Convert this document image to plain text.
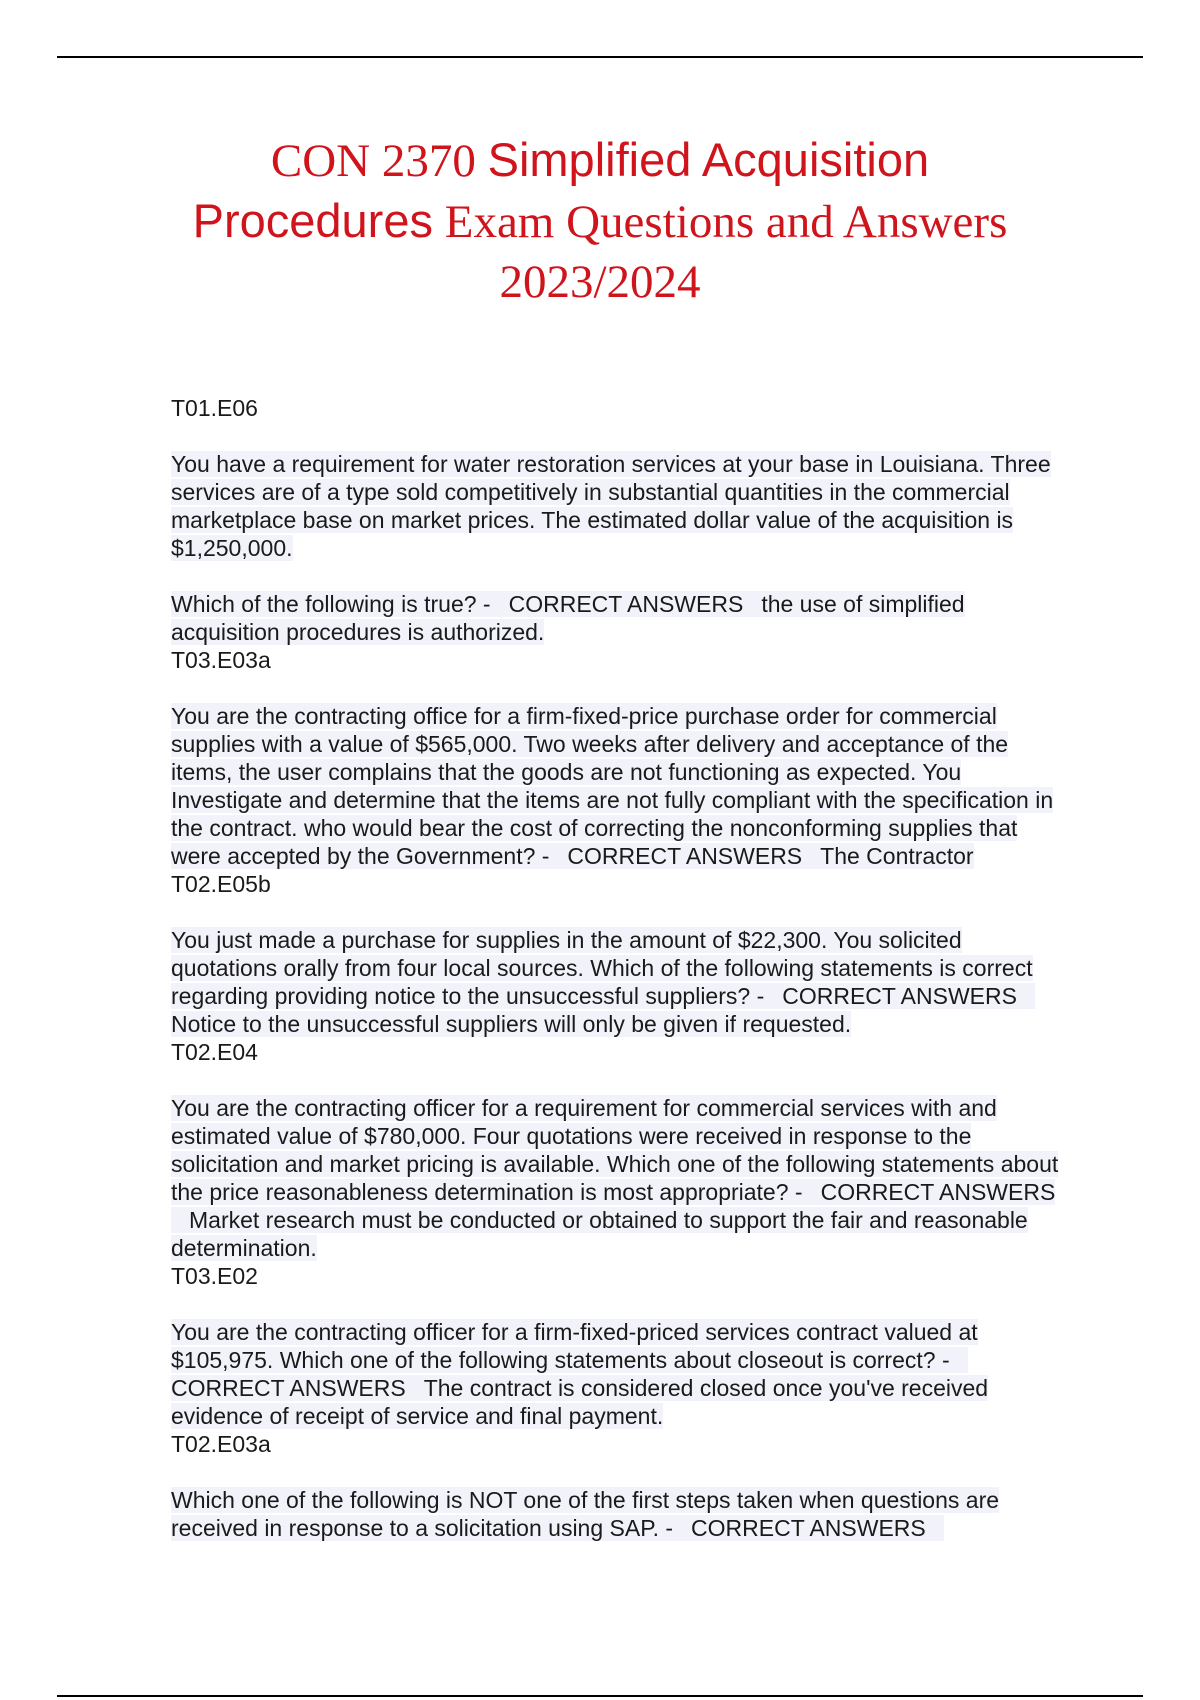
CON 2370 Simplified Acquisition
Procedures Exam Questions and Answers
2023/2024

T01.E06

You have a requirement for water restoration services at your base in Louisiana. Three services are of a type sold competitively in substantial quantities in the commercial marketplace base on market prices. The estimated dollar value of the acquisition is $1,250,000.

Which of the following is true? - CORRECT ANSWERS the use of simplified acquisition procedures is authorized.

T03.E03a

You are the contracting office for a firm-fixed-price purchase order for commercial supplies with a value of $565,000. Two weeks after delivery and acceptance of the items, the user complains that the goods are not functioning as expected. You Investigate and determine that the items are not fully compliant with the specification in the contract. who would bear the cost of correcting the nonconforming supplies that were accepted by the Government? - CORRECT ANSWERS The Contractor

T02.E05b

You just made a purchase for supplies in the amount of $22,300. You solicited quotations orally from four local sources. Which of the following statements is correct regarding providing notice to the unsuccessful suppliers? - CORRECT ANSWERSNotice to the unsuccessful suppliers will only be given if requested.

T02.E04

You are the contracting officer for a requirement for commercial services with and estimated value of $780,000. Four quotations were received in response to the solicitation and market pricing is available. Which one of the following statements about the price reasonableness determination is most appropriate? - CORRECT ANSWERSMarket research must be conducted or obtained to support the fair and reasonable determination.

T03.E02

You are the contracting officer for a firm-fixed-priced services contract valued at $105,975. Which one of the following statements about closeout is correct? -CORRECT ANSWERS The contract is considered closed once you've received evidence of receipt of service and final payment.

T02.E03a

Which one of the following is NOT one of the first steps taken when questions are received in response to a solicitation using SAP. - CORRECT ANSWERS
